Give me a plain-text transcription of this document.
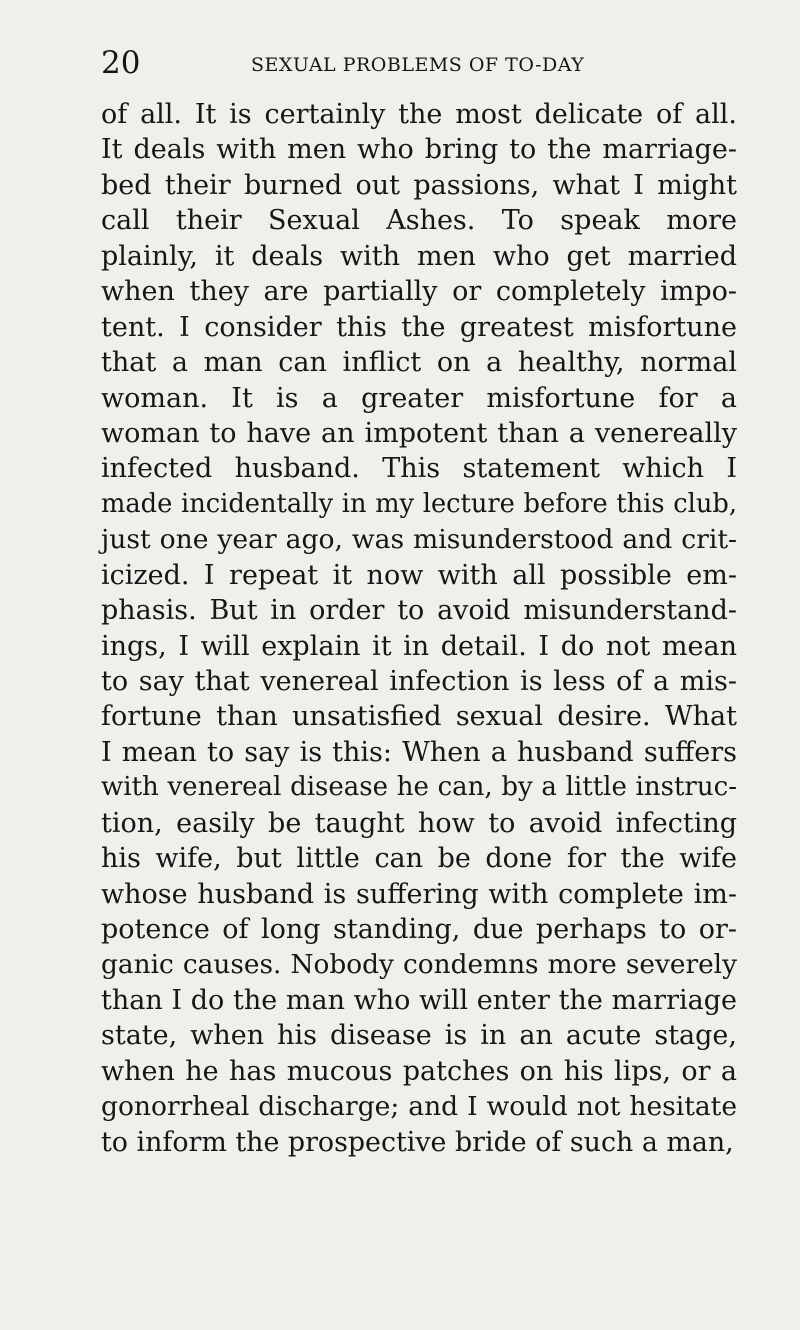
20	SEXUAL PROBLEMS OF TO-DAY
of all. It is certainly the most delicate of all.
It deals with men who bring to the marriage-
bed their burned out passions, what I might
call their Sexual Ashes. To speak more
plainly, it deals with men who get married
when they are partially or completely impo-
tent. I consider this the greatest misfortune
that a man can inflict on a healthy, normal
woman. It is a greater misfortune for a
woman to have an impotent than a venereally
infected husband. This statement which I
made incidentally in my lecture before this club,
just one year ago, was misunderstood and crit-
icized. I repeat it now with all possible em-
phasis. But in order to avoid misunderstand-
ings, I will explain it in detail. I do not mean
to say that venereal infection is less of a mis-
fortune than unsatisfied sexual desire. What
I mean to say is this: When a husband suffers
with venereal disease he can, by a little instruc-
tion, easily be taught how to avoid infecting
his wife, but little can be done for the wife
whose husband is suffering with complete im-
potence of long standing, due perhaps to or-
ganic causes. Nobody condemns more severely
than I do the man who will enter the marriage
state, when his disease is in an acute stage,
when he has mucous patches on his lips, or a
gonorrheal discharge; and I would not hesitate
to inform the prospective bride of such a man,
